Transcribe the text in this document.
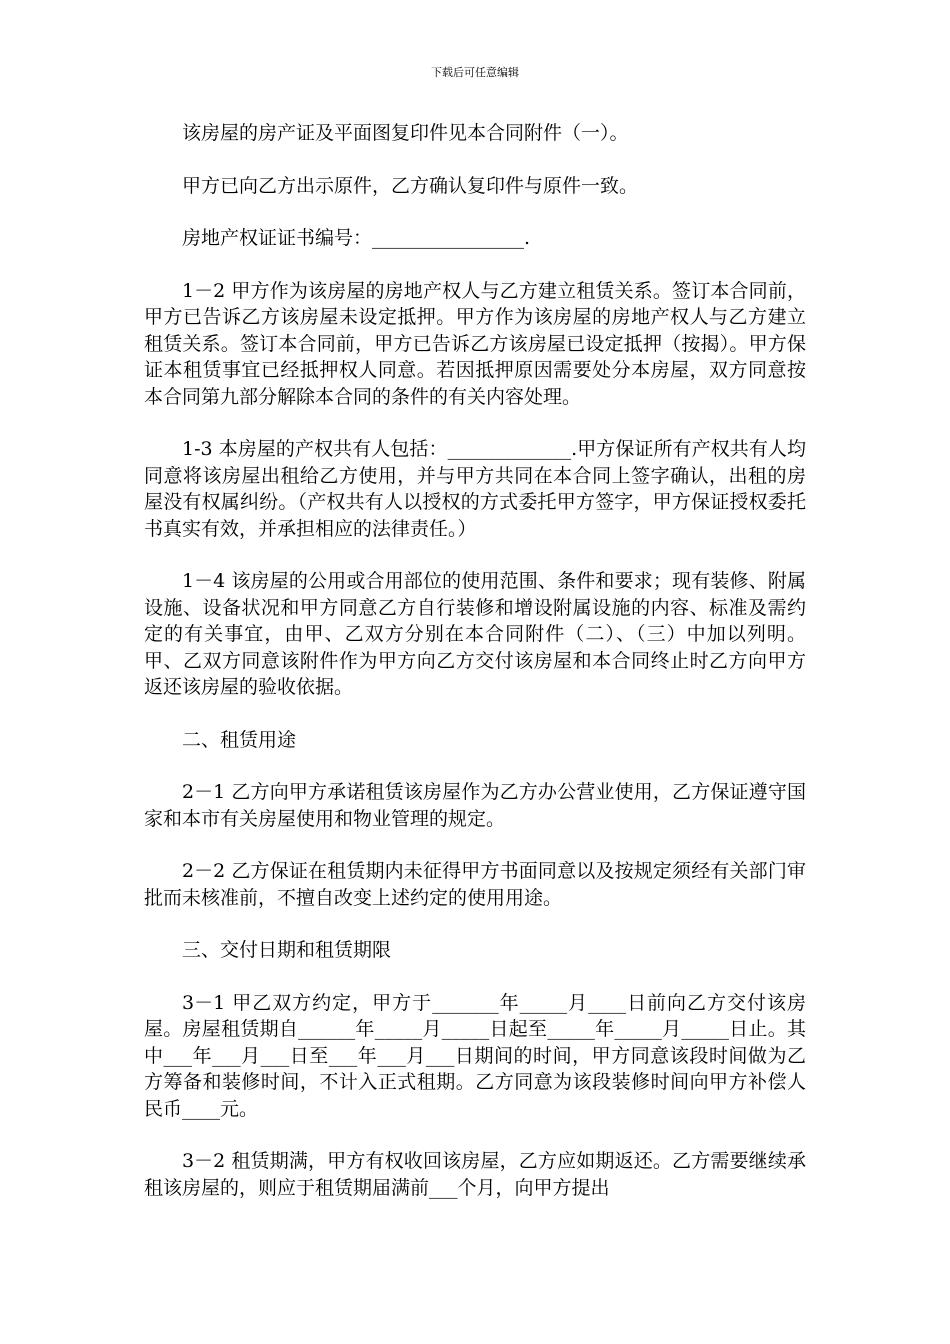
下载后可任意编辑

该房屋的房产证及平面图复印件见本合同附件（一）。

甲方已向乙方出示原件，乙方确认复印件与原件一致。

房地产权证证书编号：________________.

1－2 甲方作为该房屋的房地产权人与乙方建立租赁关系。签订本合同前，甲方已告诉乙方该房屋未设定抵押。甲方作为该房屋的房地产权人与乙方建立租赁关系。签订本合同前，甲方已告诉乙方该房屋已设定抵押（按揭）。甲方保证本租赁事宜已经抵押权人同意。若因抵押原因需要处分本房屋，双方同意按本合同第九部分解除本合同的条件的有关内容处理。

1-3 本房屋的产权共有人包括：_____________.甲方保证所有产权共有人均同意将该房屋出租给乙方使用，并与甲方共同在本合同上签字确认，出租的房屋没有权属纠纷。（产权共有人以授权的方式委托甲方签字，甲方保证授权委托书真实有效，并承担相应的法律责任。）

1－4 该房屋的公用或合用部位的使用范围、条件和要求；现有装修、附属设施、设备状况和甲方同意乙方自行装修和增设附属设施的内容、标准及需约定的有关事宜，由甲、乙双方分别在本合同附件（二）、（三）中加以列明。甲、乙双方同意该附件作为甲方向乙方交付该房屋和本合同终止时乙方向甲方返还该房屋的验收依据。

二、租赁用途

2－1 乙方向甲方承诺租赁该房屋作为乙方办公营业使用，乙方保证遵守国家和本市有关房屋使用和物业管理的规定。

2－2 乙方保证在租赁期内未征得甲方书面同意以及按规定须经有关部门审批而未核准前，不擅自改变上述约定的使用用途。

三、交付日期和租赁期限

3－1 甲乙双方约定，甲方于_______年_____月____日前向乙方交付该房屋。房屋租赁期自______年_____月_____日起至_____年_____月_____日止。其中___年___月___日至___年___月___日期间的时间，甲方同意该段时间做为乙方筹备和装修时间，不计入正式租期。乙方同意为该段装修时间向甲方补偿人民币____元。

3－2 租赁期满，甲方有权收回该房屋，乙方应如期返还。乙方需要继续承租该房屋的，则应于租赁期届满前___个月，向甲方提出
